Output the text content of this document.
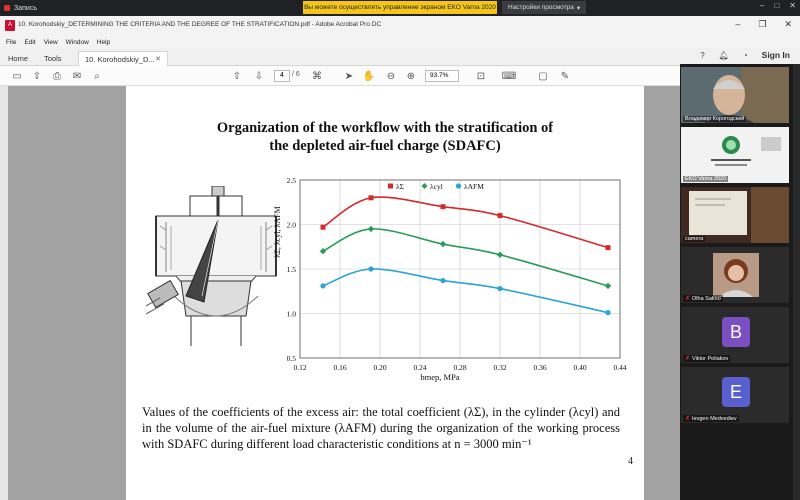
Запись	Вы можете осуществлять управление экраном EKO Varna 2020 Настройки просмотра ▾	– □ ✕
A 10. Korohodskiy_DETERMINING THE CRITERIA AND THE DEGREE OF THE STRATIFICATION.pdf - Adobe Acrobat Pro DC	– ❐ ✕
File Edit View Window Help
Home	Tools	10. Korohodskiy_D... ✕	? 🔔︎ ◔ Sign In
▭ ⇪	⎙	✉	⌕	⇧ ⇩	4	/ 6 ⌘ ➤ ✋ ⊖ ⊕	93.7%	⊡ ⌨ ▢ ✎
Organization of the workflow with the stratification of
the depleted air-fuel charge (SDAFC)
0.5
1.0
1.5
2.0
2.5
0.12	0.16	0.20	0.24	0.28	0.32	0.36	0.40	0.44
λΣ	λcyl	λAFM
bmep, MPa
λΣ, λcyl, λAFM
Values of the coefficients of the excess air: the total coefficient (λΣ), in the cylinder (λcyl) and in the volume of the air-fuel mixture (λAFM) during the organization of the working process with SDAFC during different load characteristic conditions at n = 3000 min⁻¹
4
Владимир Корогодский
EKO Varna 2020
camera
✗ Olha Sakno
B
✗ Viktor Poliakov
E
✗ Ievgen Medvediev
